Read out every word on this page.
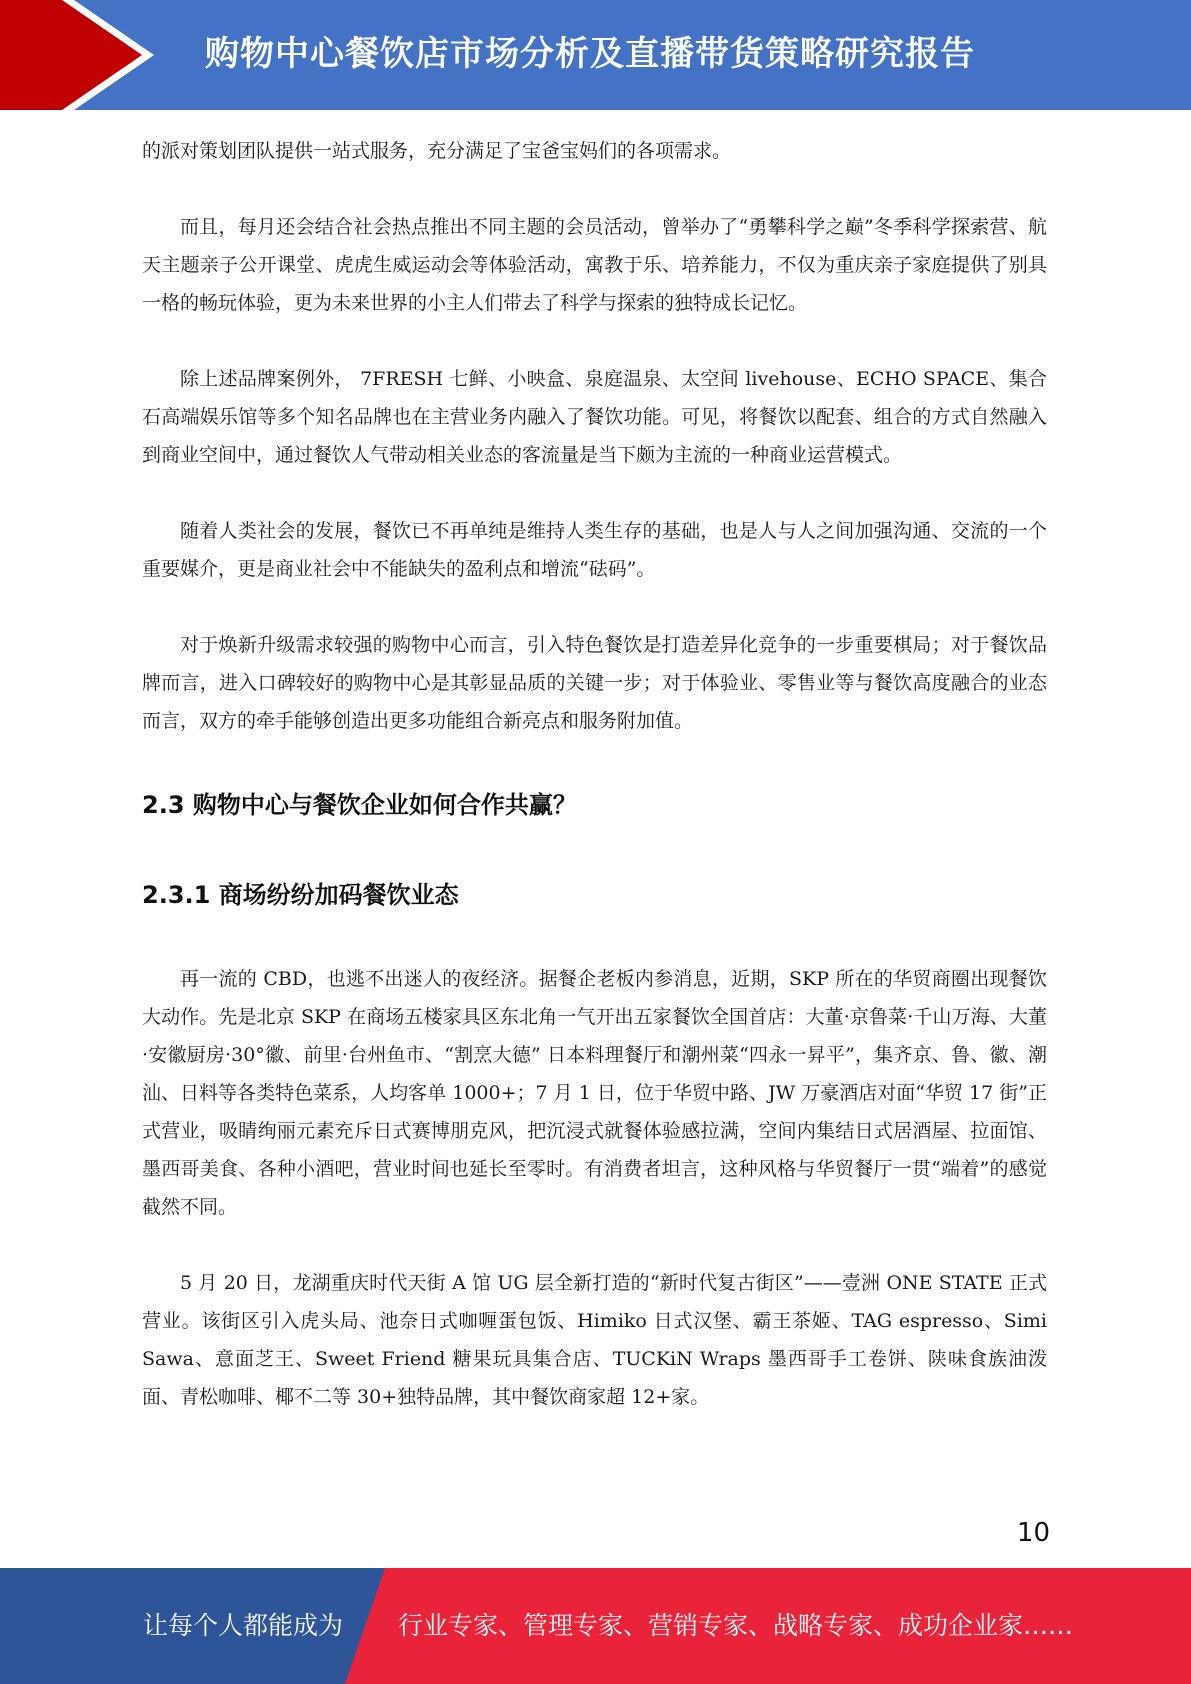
购物中心餐饮店市场分析及直播带货策略研究报告

的派对策划团队提供一站式服务，充分满足了宝爸宝妈们的各项需求。

而且，每月还会结合社会热点推出不同主题的会员活动，曾举办了“勇攀科学之巅”冬季科学探索营、航天主题亲子公开课堂、虎虎生威运动会等体验活动，寓教于乐、培养能力，不仅为重庆亲子家庭提供了别具一格的畅玩体验，更为未来世界的小主人们带去了科学与探索的独特成长记忆。

除上述品牌案例外， 7FRESH 七鲜、小映盒、泉庭温泉、太空间 livehouse、ECHO SPACE、集合石高端娱乐馆等多个知名品牌也在主营业务内融入了餐饮功能。可见，将餐饮以配套、组合的方式自然融入到商业空间中，通过餐饮人气带动相关业态的客流量是当下颇为主流的一种商业运营模式。

随着人类社会的发展，餐饮已不再单纯是维持人类生存的基础，也是人与人之间加强沟通、交流的一个重要媒介，更是商业社会中不能缺失的盈利点和增流“砝码”。

对于焕新升级需求较强的购物中心而言，引入特色餐饮是打造差异化竞争的一步重要棋局；对于餐饮品牌而言，进入口碑较好的购物中心是其彰显品质的关键一步；对于体验业、零售业等与餐饮高度融合的业态而言，双方的牵手能够创造出更多功能组合新亮点和服务附加值。

2.3 购物中心与餐饮企业如何合作共赢？
2.3.1 商场纷纷加码餐饮业态

再一流的 CBD，也逃不出迷人的夜经济。据餐企老板内参消息，近期，SKP 所在的华贸商圈出现餐饮大动作。先是北京 SKP 在商场五楼家具区东北角一气开出五家餐饮全国首店：大董·京鲁菜·千山万海、大董·安徽厨房·30°徽、前里·台州鱼市、“割烹大德” 日本料理餐厅和潮州菜“四永一昇平”，集齐京、鲁、徽、潮汕、日料等各类特色菜系，人均客单 1000+；7 月 1 日，位于华贸中路、JW 万豪酒店对面“华贸 17 街”正式营业，吸睛绚丽元素充斥日式赛博朋克风，把沉浸式就餐体验感拉满，空间内集结日式居酒屋、拉面馆、墨西哥美食、各种小酒吧，营业时间也延长至零时。有消费者坦言，这种风格与华贸餐厅一贯“端着”的感觉截然不同。

5 月 20 日，龙湖重庆时代天街 A 馆 UG 层全新打造的“新时代复古街区”——壹洲 ONE STATE 正式营业。该街区引入虎头局、池奈日式咖喱蛋包饭、Himiko 日式汉堡、霸王茶姬、TAG espresso、Simi Sawa、意面芝王、Sweet Friend 糖果玩具集合店、TUCKiN Wraps 墨西哥手工卷饼、陕味食族油泼面、青松咖啡、椰不二等 30+独特品牌，其中餐饮商家超 12+家。

10
让每个人都能成为 行业专家、管理专家、营销专家、战略专家、成功企业家……
